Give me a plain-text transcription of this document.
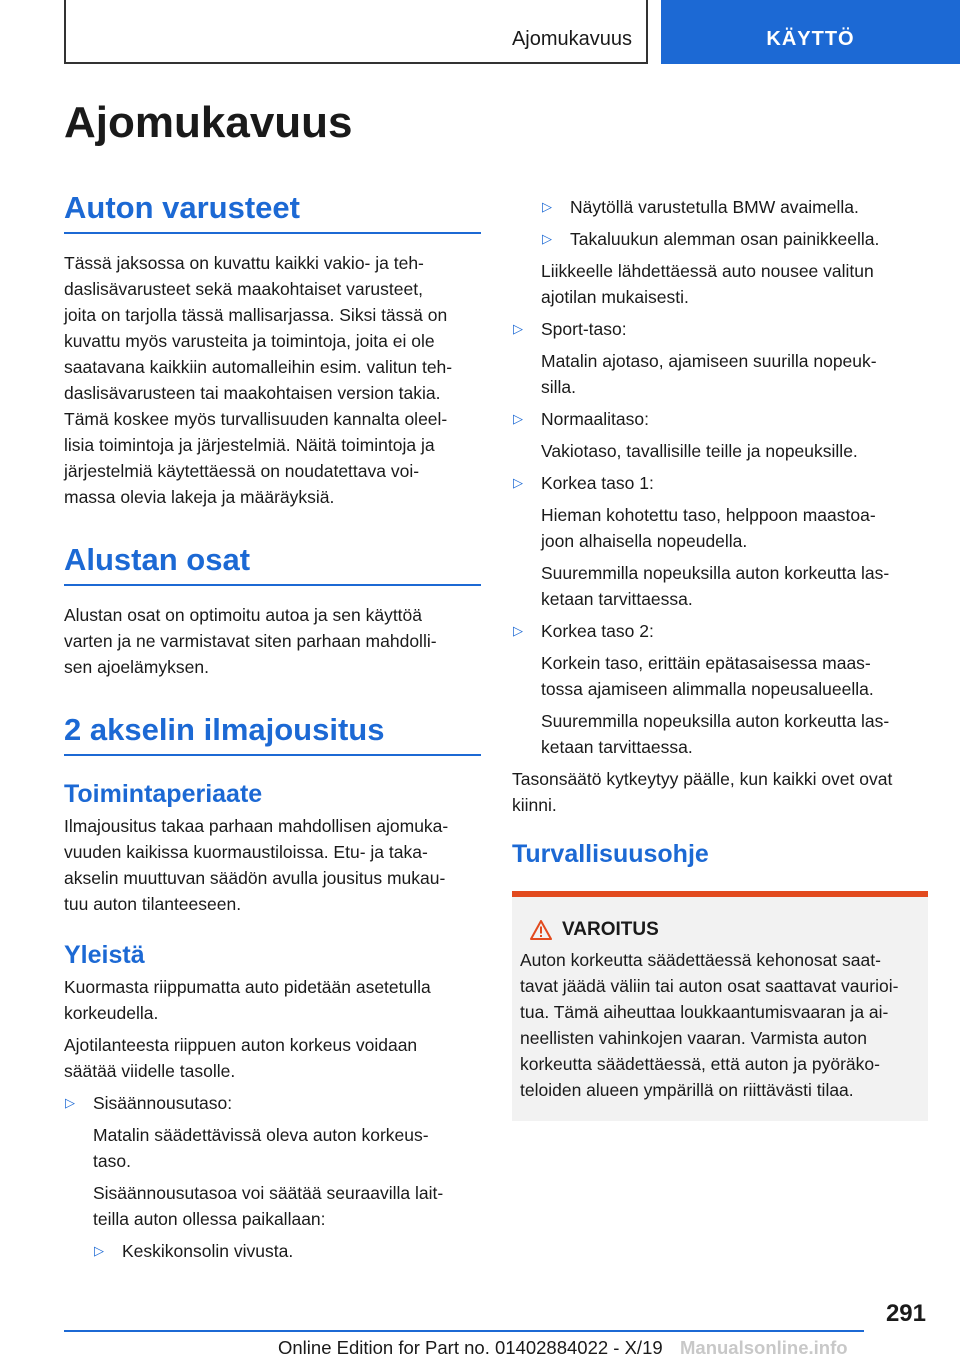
Ajomukavuus	KÄYTTÖ
Ajomukavuus
Auton varusteet
Tässä jaksossa on kuvattu kaikki vakio- ja teh‐
daslisävarusteet sekä maakohtaiset varusteet,
joita on tarjolla tässä mallisarjassa. Siksi tässä on
kuvattu myös varusteita ja toimintoja, joita ei ole
saatavana kaikkiin automalleihin esim. valitun teh‐
daslisävarusteen tai maakohtaisen version takia.
Tämä koskee myös turvallisuuden kannalta oleel‐
lisia toimintoja ja järjestelmiä. Näitä toimintoja ja
järjestelmiä käytettäessä on noudatettava voi‐
massa olevia lakeja ja määräyksiä.
Alustan osat
Alustan osat on optimoitu autoa ja sen käyttöä
varten ja ne varmistavat siten parhaan mahdolli‐
sen ajoelämyksen.
2 akselin ilmajousitus
Toimintaperiaate
Ilmajousitus takaa parhaan mahdollisen ajomuka‐
vuuden kaikissa kuormaustiloissa. Etu- ja taka‐
akselin muuttuvan säädön avulla jousitus mukau‐
tuu auton tilanteeseen.
Yleistä
Kuormasta riippumatta auto pidetään asetetulla
korkeudella.
Ajotilanteesta riippuen auton korkeus voidaan
säätää viidelle tasolle.
▷ Sisäännousutaso:
Matalin säädettävissä oleva auton korkeus‐
taso.
Sisäännousutasoa voi säätää seuraavilla lait‐
teilla auton ollessa paikallaan:
▷ Keskikonsolin vivusta.
▷ Näytöllä varustetulla BMW avaimella.
▷ Takaluukun alemman osan painikkeella.
Liikkeelle lähdettäessä auto nousee valitun
ajotilan mukaisesti.
▷ Sport-taso:
Matalin ajotaso, ajamiseen suurilla nopeuk‐
silla.
▷ Normaalitaso:
Vakiotaso, tavallisille teille ja nopeuksille.
▷ Korkea taso 1:
Hieman kohotettu taso, helppoon maastoa‐
joon alhaisella nopeudella.
Suuremmilla nopeuksilla auton korkeutta las‐
ketaan tarvittaessa.
▷ Korkea taso 2:
Korkein taso, erittäin epätasaisessa maas‐
tossa ajamiseen alimmalla nopeusalueella.
Suuremmilla nopeuksilla auton korkeutta las‐
ketaan tarvittaessa.
Tasonsäätö kytkeytyy päälle, kun kaikki ovet ovat
kiinni.
Turvallisuusohje
VAROITUS
Auton korkeutta säädettäessä kehonosat saat‐
tavat jäädä väliin tai auton osat saattavat vaurioi‐
tua. Tämä aiheuttaa loukkaantumisvaaran ja ai‐
neellisten vahinkojen vaaran. Varmista auton
korkeutta säädettäessä, että auton ja pyöräko‐
teloiden alueen ympärillä on riittävästi tilaa.
291
Online Edition for Part no. 01402884022 - X/19 Manualsonline.info
